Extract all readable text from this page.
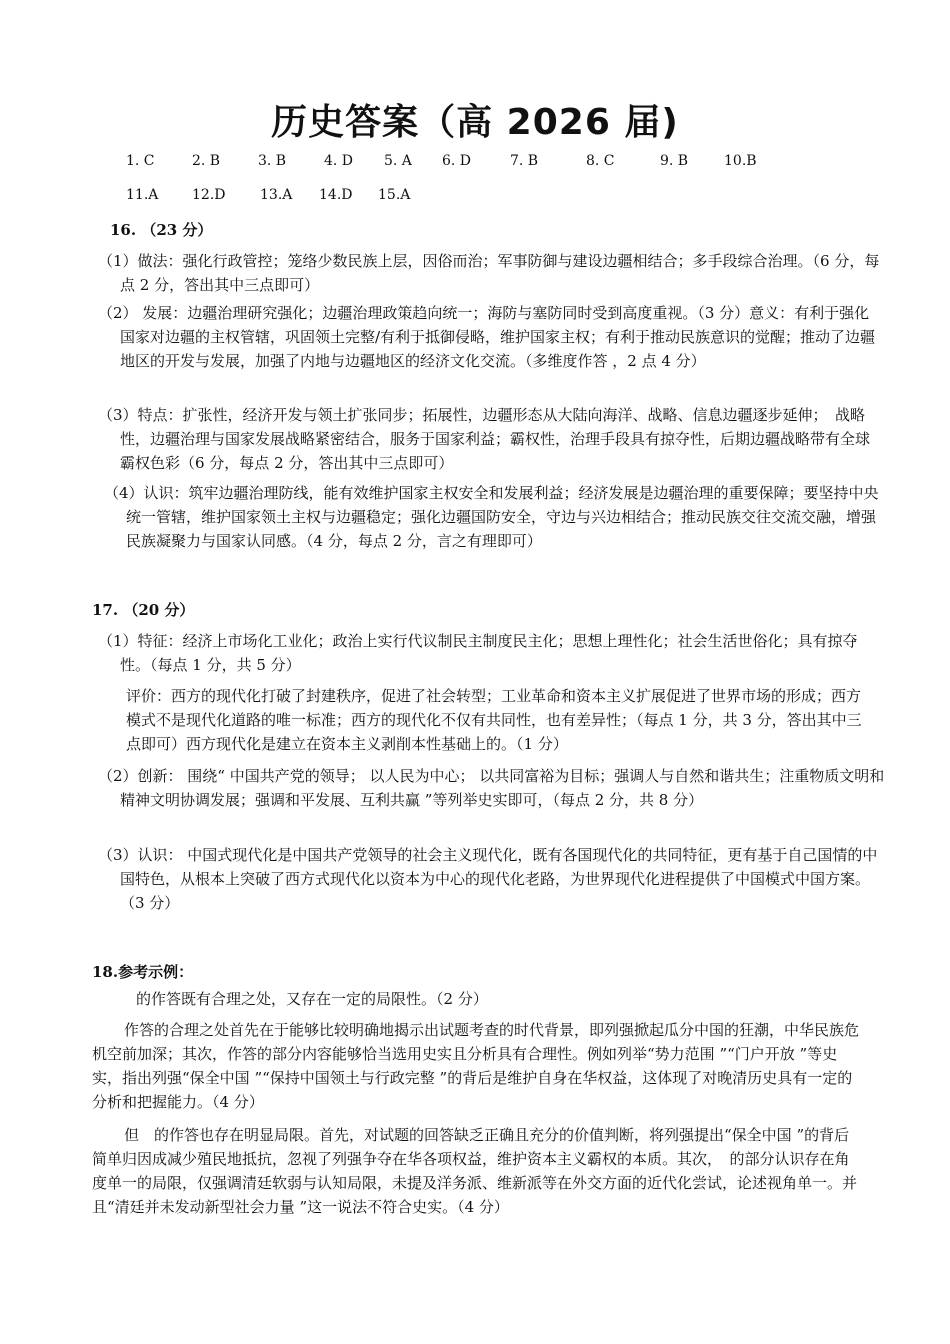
历史答案（高 2026 届)
1. C	2. B	3. B	4. D	5. A	6. D	7. B	8. C	9. B	10.B
11.A	12.D	13.A	14.D	15.A
16. （23 分）

（1）做法：强化行政管控；笼络少数民族上层，因俗而治；军事防御与建设边疆相结合；多手段综合治理。（6 分，每点 2 分，答出其中三点即可）

（2） 发展：边疆治理研究强化；边疆治理政策趋向统一；海防与塞防同时受到高度重视。（3 分）意义：有利于强化国家对边疆的主权管辖，巩固领土完整/有利于抵御侵略，维护国家主权；有利于推动民族意识的觉醒；推动了边疆地区的开发与发展，加强了内地与边疆地区的经济文化交流。（多维度作答 ，2 点 4 分）

（3）特点：扩张性，经济开发与领土扩张同步；拓展性，边疆形态从大陆向海洋、战略、信息边疆逐步延伸；　战略性，边疆治理与国家发展战略紧密结合，服务于国家利益；霸权性，治理手段具有掠夺性，后期边疆战略带有全球霸权色彩（6 分，每点 2 分，答出其中三点即可）

（4）认识：筑牢边疆治理防线，能有效维护国家主权安全和发展利益；经济发展是边疆治理的重要保障；要坚持中央统一管辖，维护国家领土主权与边疆稳定；强化边疆国防安全，守边与兴边相结合；推动民族交往交流交融，增强民族凝聚力与国家认同感。（4 分，每点 2 分，言之有理即可）

17. （20 分）

（1）特征：经济上市场化工业化；政治上实行代议制民主制度民主化；思想上理性化；社会生活世俗化；具有掠夺性。（每点 1 分，共 5 分）

评价：西方的现代化打破了封建秩序，促进了社会转型；工业革命和资本主义扩展促进了世界市场的形成；西方模式不是现代化道路的唯一标准；西方的现代化不仅有共同性，也有差异性；（每点 1 分，共 3 分，答出其中三点即可）西方现代化是建立在资本主义剥削本性基础上的。（1 分）

（2）创新： 围绕“ 中国共产党的领导； 以人民为中心； 以共同富裕为目标；强调人与自然和谐共生；注重物质文明和精神文明协调发展；强调和平发展、互利共赢 ”等列举史实即可，（每点 2 分，共 8 分）

（3）认识： 中国式现代化是中国共产党领导的社会主义现代化，既有各国现代化的共同特征，更有基于自己国情的中国特色，从根本上突破了西方式现代化以资本为中心的现代化老路，为世界现代化进程提供了中国模式中国方案。（3 分）

18.参考示例：

的作答既有合理之处，又存在一定的局限性。（2 分）

作答的合理之处首先在于能够比较明确地揭示出试题考查的时代背景，即列强掀起瓜分中国的狂潮，中华民族危机空前加深；其次，作答的部分内容能够恰当选用史实且分析具有合理性。例如列举“势力范围 ”“门户开放 ”等史实，指出列强“保全中国 ”“保持中国领土与行政完整 ”的背后是维护自身在华权益，这体现了对晚清历史具有一定的分析和把握能力。（4 分）

但　的作答也存在明显局限。首先，对试题的回答缺乏正确且充分的价值判断，将列强提出“保全中国 ”的背后简单归因成减少殖民地抵抗，忽视了列强争夺在华各项权益，维护资本主义霸权的本质。其次，　的部分认识存在角度单一的局限，仅强调清廷软弱与认知局限，未提及洋务派、维新派等在外交方面的近代化尝试，论述视角单一。并且“清廷并未发动新型社会力量 ”这一说法不符合史实。（4 分）
